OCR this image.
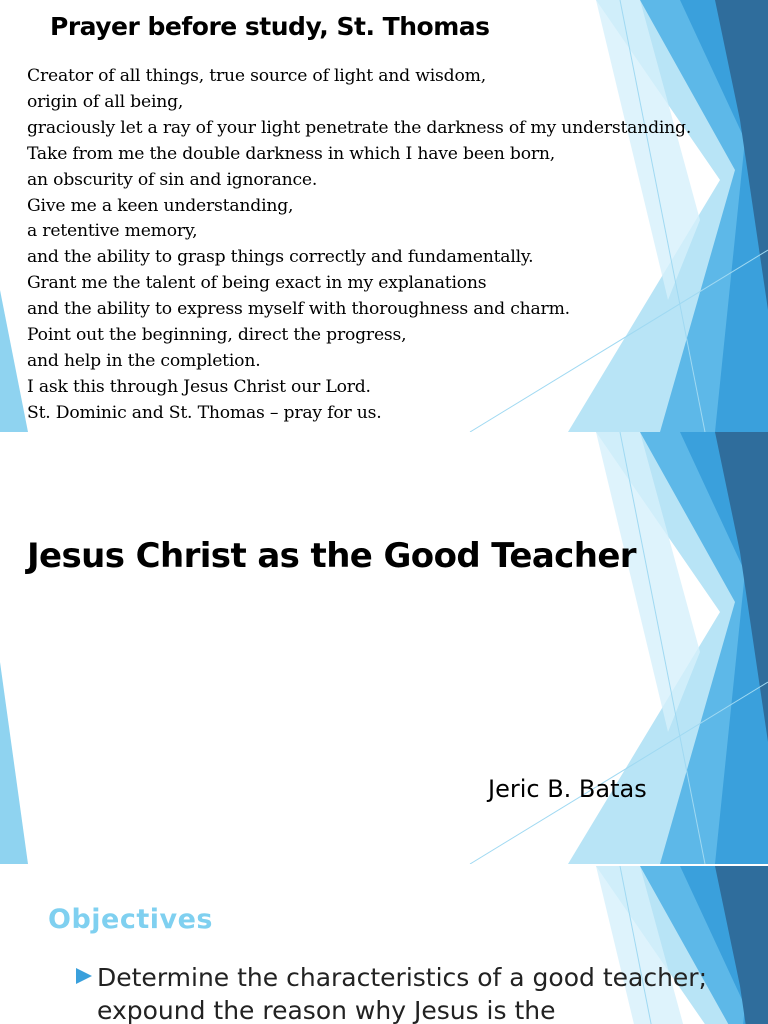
Prayer before study, St. Thomas
Creator of all things, true source of light and wisdom,
origin of all being,
graciously let a ray of your light penetrate the darkness of my understanding.
Take from me the double darkness in which I have been born,
an obscurity of sin and ignorance.
Give me a keen understanding,
a retentive memory,
and the ability to grasp things correctly and fundamentally.
Grant me the talent of being exact in my explanations
and the ability to express myself with thoroughness and charm.
Point out the beginning, direct the progress,
and help in the completion.
I ask this through Jesus Christ our Lord.
St. Dominic and St. Thomas – pray for us.
Jesus Christ as the Good Teacher
Jeric B. Batas
Objectives
Determine the characteristics of a good teacher; expound the reason why Jesus is the
